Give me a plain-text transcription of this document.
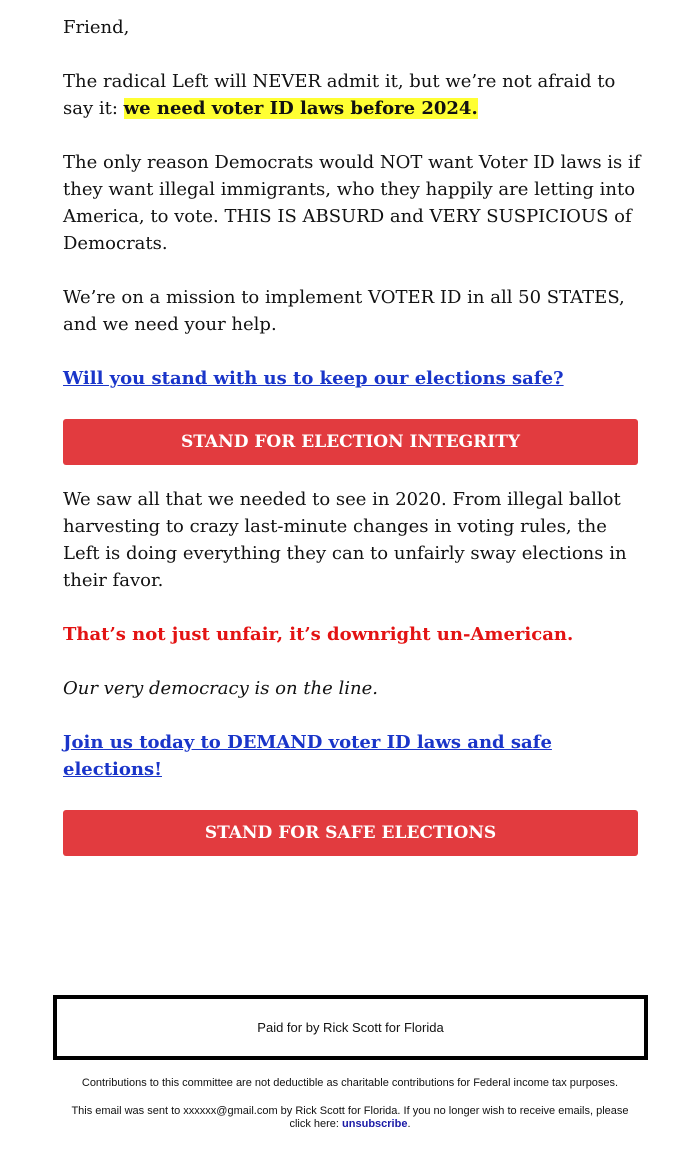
Friend,

The radical Left will NEVER admit it, but we’re not afraid to say it: we need voter ID laws before 2024.

The only reason Democrats would NOT want Voter ID laws is if they want illegal immigrants, who they happily are letting into America, to vote. THIS IS ABSURD and VERY SUSPICIOUS of Democrats.

We’re on a mission to implement VOTER ID in all 50 STATES, and we need your help.

Will you stand with us to keep our elections safe?

STAND FOR ELECTION INTEGRITY

We saw all that we needed to see in 2020. From illegal ballot harvesting to crazy last-minute changes in voting rules, the Left is doing everything they can to unfairly sway elections in their favor.

That’s not just unfair, it’s downright un-American.

Our very democracy is on the line.

Join us today to DEMAND voter ID laws and safe elections!

STAND FOR SAFE ELECTIONS
Paid for by Rick Scott for Florida

Contributions to this committee are not deductible as charitable contributions for Federal income tax purposes.

This email was sent to xxxxxx@gmail.com by Rick Scott for Florida. If you no longer wish to receive emails, please click here: unsubscribe.
